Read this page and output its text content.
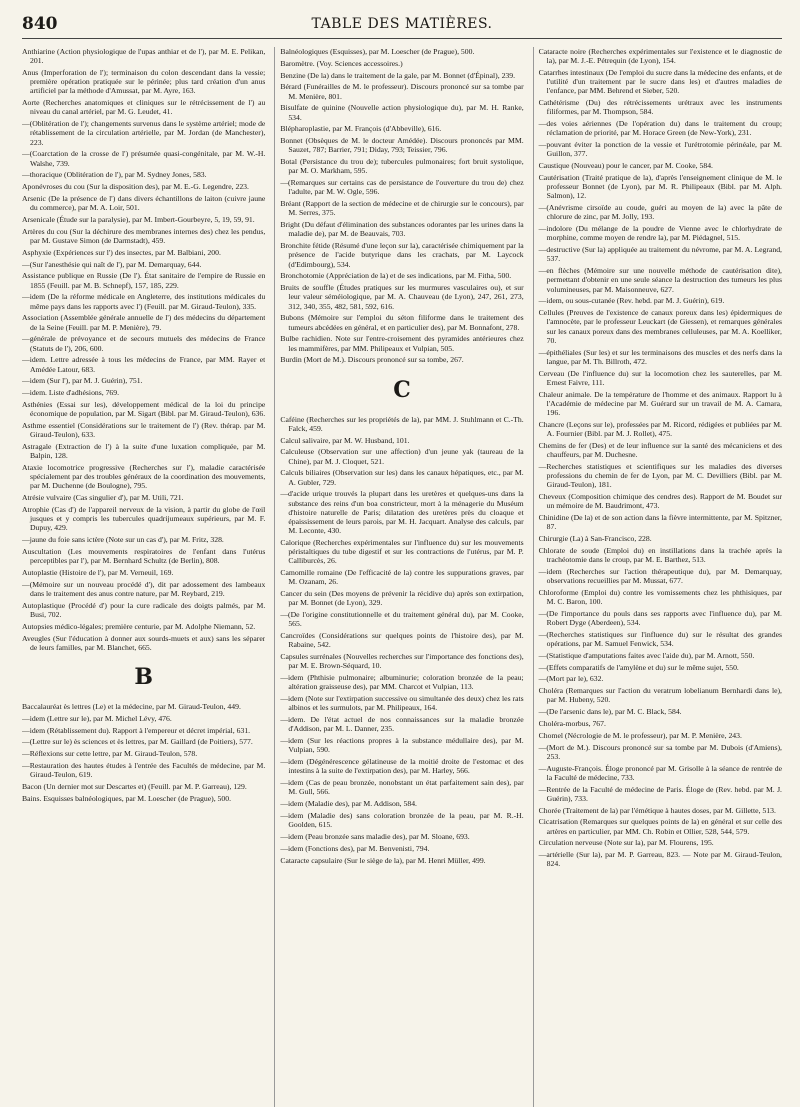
840	TABLE DES MATIÈRES.
Anthiarine (Action physiologique de l'upas anthiar et de l'), par M. E. Pelikan, 201.
Anus (Imperforation de l'); terminaison du colon descendant dans la vessie; première opération pratiquée sur le périnée; plus tard création d'un anus artificiel par la méthode d'Amussat, par M. Ayre, 163.
Aorte (Recherches anatomiques et cliniques sur le rétrécissement de l') au niveau du canal artériel, par M. G. Leudet, 41.
—(Oblitération de l'); changements survenus dans le système artériel; mode de rétablissement de la circulation artérielle, par M. Jordan (de Manchester), 223.
—(Coarctation de la crosse de l') présumée quasi-congénitale, par M. W.-H. Walshe, 739.
—thoracique (Oblitération de l'), par M. Sydney Jones, 583.
Aponévroses du cou (Sur la disposition des), par M. E.-G. Legendre, 223.
Arsenic (De la présence de l') dans divers échantillons de laiton (cuivre jaune du commerce), par M. A. Loir, 501.
Arsenicale (Étude sur la paralysie), par M. Imbert-Gourbeyre, 5, 19, 59, 91.
Artères du cou (Sur la déchirure des membranes internes des) chez les pendus, par M. Gustave Simon (de Darmstadt), 459.
Asphyxie (Expériences sur l') des insectes, par M. Balbiani, 200.
—(Sur l'anesthésie qui naît de l'), par M. Demarquay, 644.
Assistance publique en Russie (De l'). État sanitaire de l'empire de Russie en 1855 (Feuill. par M. B. Schnepf), 157, 185, 229.
—idem (De la réforme médicale en Angleterre, des institutions médicales du même pays dans les rapports avec l') (Feuill. par M. Giraud-Teulon), 335.
Association (Assemblée générale annuelle de l') des médecins du département de la Seine (Feuill. par M. P. Menière), 79.
—générale de prévoyance et de secours mutuels des médecins de France (Statuts de l'), 206, 600.
—idem. Lettre adressée à tous les médecins de France, par MM. Rayer et Amédée Latour, 683.
—idem (Sur l'), par M. J. Guérin), 751.
—idem. Liste d'adhésions, 769.
Asthénies (Essai sur les), développement médical de la loi du principe économique de population, par M. Sigart (Bibl. par M. Giraud-Teulon), 636.
Asthme essentiel (Considérations sur le traitement de l') (Rev. thérap. par M. Giraud-Teulon), 633.
Astragale (Extraction de l') à la suite d'une luxation compliquée, par M. Balpin, 128.
Ataxie locomotrice progressive (Recherches sur l'), maladie caractérisée spécialement par des troubles généraux de la coordination des mouvements, par M. Duchenne (de Boulogne), 795.
Atrésie vulvaire (Cas singulier d'), par M. Utili, 721.
Atrophie (Cas d') de l'appareil nerveux de la vision, à partir du globe de l'œil jusques et y compris les tubercules quadrijumeaux supérieurs, par M. F. Dupuy, 429.
—jaune du foie sans ictère (Note sur un cas d'), par M. Fritz, 328.
Auscultation (Les mouvements respiratoires de l'enfant dans l'utérus perceptibles par l'), par M. Bernhard Schultz (de Berlin), 808.
Autoplastie (Histoire de l'), par M. Verneuil, 169.
—(Mémoire sur un nouveau procédé d'), dit par adossement des lambeaux dans le traitement des anus contre nature, par M. Reybard, 219.
Autoplastique (Procédé d') pour la cure radicale des doigts palmés, par M. Busi, 702.
Autopsies médico-légales; première centurie, par M. Adolphe Niemann, 52.
Aveugles (Sur l'éducation à donner aux sourds-muets et aux) sans les séparer de leurs familles, par M. Blanchet, 665.
B
Baccalauréat ès lettres (Le) et la médecine, par M. Giraud-Teulon, 449.
—idem (Lettre sur le), par M. Michel Lévy, 476.
—idem (Rétablissement du). Rapport à l'empereur et décret impérial, 631.
—(Lettre sur le) ès sciences et ès lettres, par M. Gaillard (de Poitiers), 577.
—Réflexions sur cette lettre, par M. Giraud-Teulon, 578.
—Restauration des hautes études à l'entrée des Facultés de médecine, par M. Giraud-Teulon, 619.
Bacon (Un dernier mot sur Descartes et) (Feuill. par M. P. Garreau), 129.
Bains. Esquisses balnéologiques, par M. Loescher (de Prague), 500.
Balnéologiques (Esquisses), par M. Loescher (de Prague), 500.
Baromètre. (Voy. Sciences accessoires.)
Benzine (De la) dans le traitement de la gale, par M. Bonnet (d'Épinal), 239.
Bérard (Funérailles de M. le professeur). Discours prononcé sur sa tombe par M. Menière, 801.
Bisulfate de quinine (Nouvelle action physiologique du), par M. H. Ranke, 534.
Blépharoplastie, par M. François (d'Abbeville), 616.
Bonnet (Obsèques de M. le docteur Amédée). Discours prononcés par MM. Sauzet, 787; Barrier, 791; Diday, 793; Teissier, 796.
Botal (Persistance du trou de); tubercules pulmonaires; fort bruit systolique, par M. O. Markham, 595.
—(Remarques sur certains cas de persistance de l'ouverture du trou de) chez l'adulte, par M. W. Ogle, 596.
Bréant (Rapport de la section de médecine et de chirurgie sur le concours), par M. Serres, 375.
Bright (Du défaut d'élimination des substances odorantes par les urines dans la maladie de), par M. de Beauvais, 703.
Bronchite fétide (Résumé d'une leçon sur la), caractérisée chimiquement par la présence de l'acide butyrique dans les crachats, par M. Laycock (d'Edimbourg), 534.
Bronchotomie (Appréciation de la) et de ses indications, par M. Fitha, 500.
Bruits de souffle (Études pratiques sur les murmures vasculaires ou), et sur leur valeur séméiologique, par M. A. Chauveau (de Lyon), 247, 261, 273, 312, 340, 355, 482, 581, 592, 616.
Bubons (Mémoire sur l'emploi du séton filiforme dans le traitement des tumeurs abcédées en général, et en particulier des), par M. Bonnafont, 278.
Bulbe rachidien. Note sur l'entre-croisement des pyramides antérieures chez les mammifères, par MM. Philipeaux et Vulpian, 505.
Burdin (Mort de M.). Discours prononcé sur sa tombe, 267.
C
Caféine (Recherches sur les propriétés de la), par MM. J. Stuhlmann et C.-Th. Falck, 459.
Calcul salivaire, par M. W. Husband, 101.
Calculeuse (Observation sur une affection) d'un jeune yak (taureau de la Chine), par M. J. Cloquet, 521.
Calculs biliaires (Observation sur les) dans les canaux hépatiques, etc., par M. A. Gubler, 729.
—d'acide urique trouvés la plupart dans les uretères et quelques-uns dans la substance des reins d'un boa constricteur, mort à la ménagerie du Muséum d'histoire naturelle de Paris; dilatation des uretères près du cloaque et épaississement de leurs parois, par M. H. Jacquart. Analyse des calculs, par M. Leconte, 430.
Calorique (Recherches expérimentales sur l'influence du) sur les mouvements péristaltiques du tube digestif et sur les contractions de l'utérus, par M. P. Calliburcès, 26.
Camomille romaine (De l'efficacité de la) contre les suppurations graves, par M. Ozanam, 26.
Cancer du sein (Des moyens de prévenir la récidive du) après son extirpation, par M. Bonnet (de Lyon), 329.
—(De l'origine constitutionnelle et du traitement général du), par M. Cooke, 565.
Cancroïdes (Considérations sur quelques points de l'histoire des), par M. Rabaine, 542.
Capsules surrénales (Nouvelles recherches sur l'importance des fonctions des), par M. E. Brown-Séquard, 10.
—idem (Phthisie pulmonaire; albuminurie; coloration bronzée de la peau; altération graisseuse des), par MM. Charcot et Vulpian, 113.
—idem (Note sur l'extirpation successive ou simultanée des deux) chez les rats albinos et les surmulots, par M. Philipeaux, 164.
—idem. De l'état actuel de nos connaissances sur la maladie bronzée d'Addison, par M. L. Danner, 235.
—idem (Sur les réactions propres à la substance médullaire des), par M. Vulpian, 590.
—idem (Dégénérescence gélatineuse de la moitié droite de l'estomac et des intestins à la suite de l'extirpation des), par M. Harley, 566.
—idem (Cas de peau bronzée, nonobstant un état parfaitement sain des), par M. Gull, 566.
—idem (Maladie des), par M. Addison, 584.
—idem (Maladie des) sans coloration bronzée de la peau, par M. R.-H. Goolden, 615.
—idem (Peau bronzée sans maladie des), par M. Sloane, 693.
—idem (Fonctions des), par M. Benvenisti, 794.
Cataracte capsulaire (Sur le siège de la), par M. Henri Müller, 499.
Cataracte noire (Recherches expérimentales sur l'existence et le diagnostic de la), par M. J.-E. Pétrequin (de Lyon), 154.
Catarrhes intestinaux (De l'emploi du sucre dans la médecine des enfants, et de l'utilité d'un traitement par le sucre dans les) et d'autres maladies de l'enfance, par MM. Behrend et Sieber, 520.
Cathétérisme (Du) des rétrécissements urétraux avec les instruments filiformes, par M. Thompson, 584.
—des voies aériennes (De l'opération du) dans le traitement du croup; réclamation de priorité, par M. Horace Green (de New-York), 231.
—pouvant éviter la ponction de la vessie et l'urétrotomie périnéale, par M. Guillon, 377.
Caustique (Nouveau) pour le cancer, par M. Cooke, 584.
Cautérisation (Traité pratique de la), d'après l'enseignement clinique de M. le professeur Bonnet (de Lyon), par M. R. Philipeaux (Bibl. par M. Alph. Salmon), 12.
—(Anévrisme cirsoïde au coude, guéri au moyen de la) avec la pâte de chlorure de zinc, par M. Jolly, 193.
—indolore (Du mélange de la poudre de Vienne avec le chlorhydrate de morphine, comme moyen de rendre la), par M. Piédagnel, 515.
—destructive (Sur la) appliquée au traitement du névrome, par M. A. Legrand, 537.
—en flèches (Mémoire sur une nouvelle méthode de cautérisation dite), permettant d'obtenir en une seule séance la destruction des tumeurs les plus volumineuses, par M. Maisonneuve, 627.
—idem, ou sous-cutanée (Rev. hebd. par M. J. Guérin), 619.
Cellules (Preuves de l'existence de canaux poreux dans les) épidermiques de l'amnocète, par le professeur Leuckart (de Giessen), et remarques générales sur les canaux poreux dans des membranes celluleuses, par M. A. Koelliker, 70.
—épithéliales (Sur les) et sur les terminaisons des muscles et des nerfs dans la langue, par M. Th. Billroth, 472.
Cerveau (De l'influence du) sur la locomotion chez les sauterelles, par M. Ernest Faivre, 111.
Chaleur animale. De la température de l'homme et des animaux. Rapport lu à l'Académie de médecine par M. Guérard sur un travail de M. A. Camara, 196.
Chancre (Leçons sur le), professées par M. Ricord, rédigées et publiées par M. A. Fournier (Bibl. par M. J. Rollet), 475.
Chemins de fer (Des) et de leur influence sur la santé des mécaniciens et des chauffeurs, par M. Duchesne.
—Recherches statistiques et scientifiques sur les maladies des diverses professions du chemin de fer de Lyon, par M. C. Devilliers (Bibl. par M. Giraud-Teulon), 181.
Cheveux (Composition chimique des cendres des). Rapport de M. Boudet sur un mémoire de M. Baudrimont, 473.
Chinidine (De la) et de son action dans la fièvre intermittente, par M. Spitzner, 87.
Chirurgie (La) à San-Francisco, 228.
Chlorate de soude (Emploi du) en instillations dans la trachée après la trachéotomie dans le croup, par M. E. Barthez, 513.
—idem (Recherches sur l'action thérapeutique du), par M. Demarquay, observations recueillies par M. Mussat, 677.
Chloroforme (Emploi du) contre les vomissements chez les phthisiques, par M. C. Baron, 100.
—(De l'importance du pouls dans ses rapports avec l'influence du), par M. Robert Dyge (Aberdeen), 534.
—(Recherches statistiques sur l'influence du) sur le résultat des grandes opérations, par M. Samuel Fenwick, 534.
—(Statistique d'amputations faites avec l'aide du), par M. Arnott, 550.
—(Effets comparatifs de l'amylène et du) sur le même sujet, 550.
—(Mort par le), 632.
Choléra (Remarques sur l'action du veratrum lobelianum Bernhardi dans le), par M. Hubeny, 520.
—(De l'arsenic dans le), par M. C. Black, 584.
Choléra-morbus, 767.
Chomel (Nécrologie de M. le professeur), par M. P. Menière, 243.
—(Mort de M.). Discours prononcé sur sa tombe par M. Dubois (d'Amiens), 253.
—Auguste-François. Éloge prononcé par M. Grisolle à la séance de rentrée de la Faculté de médecine, 733.
—Rentrée de la Faculté de médecine de Paris. Éloge de (Rev. hebd. par M. J. Guérin), 733.
Chorée (Traitement de la) par l'émétique à hautes doses, par M. Gillette, 513.
Cicatrisation (Remarques sur quelques points de la) en général et sur celle des artères en particulier, par MM. Ch. Robin et Ollier, 528, 544, 579.
Circulation nerveuse (Note sur la), par M. Flourens, 195.
—artérielle (Sur la), par M. P. Garreau, 823. — Note par M. Giraud-Teulon, 824.
